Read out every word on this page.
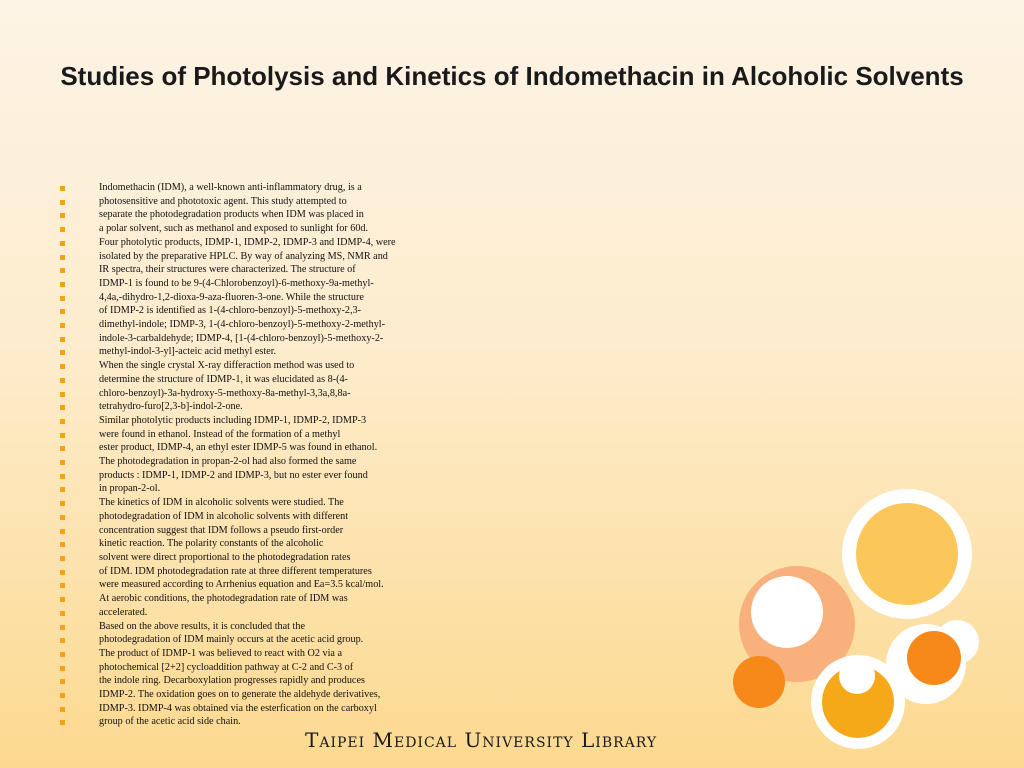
Studies of Photolysis and Kinetics of Indomethacin in Alcoholic Solvents
Indomethacin (IDM), a well-known anti-inflammatory drug, is a
photosensitive and phototoxic agent. This study attempted to
separate the photodegradation products when IDM was placed in
a polar solvent, such as methanol and exposed to sunlight for 60d.
Four photolytic products, IDMP-1, IDMP-2, IDMP-3 and IDMP-4, were
isolated by the preparative HPLC. By way of analyzing MS, NMR and
IR spectra, their structures were characterized. The structure of
IDMP-1 is found to be 9-(4-Chlorobenzoyl)-6-methoxy-9a-methyl-
4,4a,-dihydro-1,2-dioxa-9-aza-fluoren-3-one. While the structure
of IDMP-2 is identified as 1-(4-chloro-benzoyl)-5-methoxy-2,3-
dimethyl-indole; IDMP-3, 1-(4-chloro-benzoyl)-5-methoxy-2-methyl-
indole-3-carbaldehyde; IDMP-4, [1-(4-chloro-benzoyl)-5-methoxy-2-
methyl-indol-3-yl]-acteic acid methyl ester.
When the single crystal X-ray differaction method was used to
determine the structure of IDMP-1, it was elucidated as 8-(4-
chloro-benzoyl)-3a-hydroxy-5-methoxy-8a-methyl-3,3a,8,8a-
tetrahydro-furo[2,3-b]-indol-2-one.
Similar photolytic products including IDMP-1, IDMP-2, IDMP-3
were found in ethanol. Instead of the formation of a methyl
ester product, IDMP-4, an ethyl ester IDMP-5 was found in ethanol.
The photodegradation in propan-2-ol had also formed the same
products : IDMP-1, IDMP-2 and IDMP-3, but no ester ever found
in propan-2-ol.
The kinetics of IDM in alcoholic solvents were studied. The
photodegradation of IDM in alcoholic solvents with different
concentration suggest that IDM follows a pseudo first-order
kinetic reaction. The polarity constants of the alcoholic
solvent were direct proportional to the photodegradation rates
of IDM. IDM photodegradation rate at three different temperatures
were measured according to Arrhenius equation and Ea=3.5 kcal/mol.
At aerobic conditions, the photodegradation rate of IDM was
accelerated.
Based on the above results, it is concluded that the
photodegradation of IDM mainly occurs at the acetic acid group.
The product of IDMP-1 was believed to react with O2 via a
photochemical [2+2] cycloaddition pathway at C-2 and C-3 of
the indole ring. Decarboxylation progresses rapidly and produces
IDMP-2. The oxidation goes on to generate the aldehyde derivatives,
IDMP-3. IDMP-4 was obtained via the esterfication on the carboxyl
group of the acetic acid side chain.
Taipei Medical University Library
